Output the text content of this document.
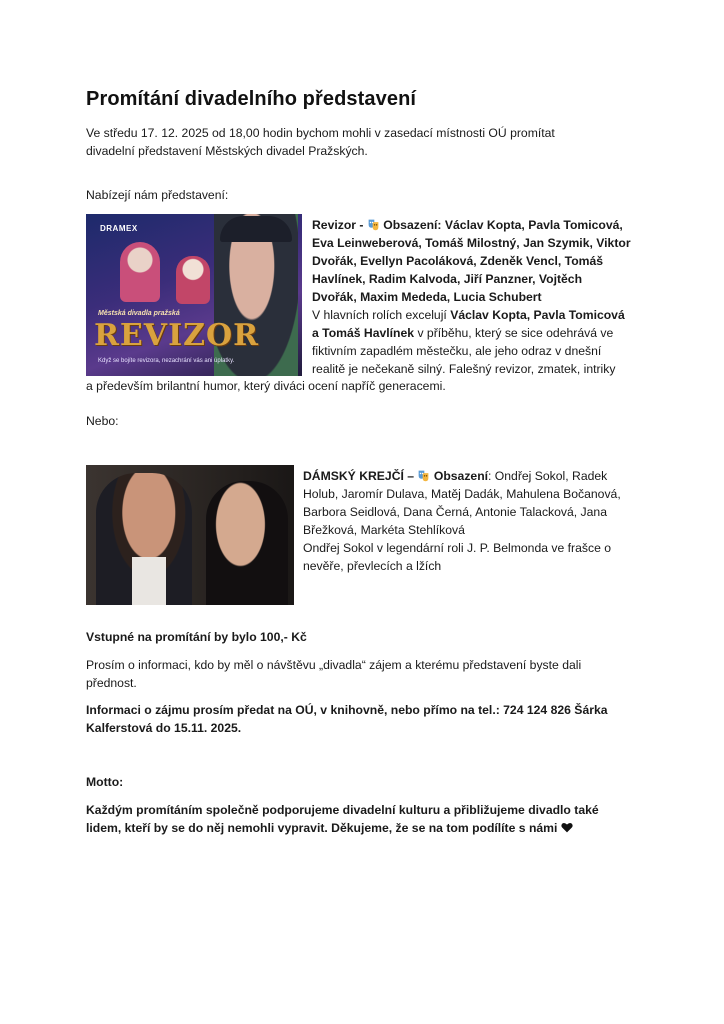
Promítání divadelního představení

Ve středu 17. 12. 2025 od 18,00 hodin bychom mohli v zasedací místnosti OÚ promítat
divadelní představení Městských divadel Pražských.

Nabízejí nám představení:

DRAMEX
Městská divadla pražská
REVIZOR
Když se bojíte revizora, nezachrání vás ani úplatky.

Revizor -  Obsazení: Václav Kopta, Pavla Tomicová,
Eva Leinweberová, Tomáš Milostný, Jan Szymik, Viktor
Dvořák, Evellyn Pacoláková, Zdeněk Vencl, Tomáš
Havlínek, Radim Kalvoda, Jiří Panzner, Vojtěch
Dvořák, Maxim Mededa, Lucia Schubert
V hlavních rolích excelují Václav Kopta, Pavla Tomicová
a Tomáš Havlínek v příběhu, který se sice odehrává ve
fiktivním zapadlém městečku, ale jeho odraz v dnešní
realitě je nečekaně silný. Falešný revizor, zmatek, intriky

a především brilantní humor, který diváci ocení napříč generacemi.

Nebo:

DÁMSKÝ KREJČÍ –  Obsazení: Ondřej Sokol, Radek
Holub, Jaromír Dulava, Matěj Dadák, Mahulena Bočanová,
Barbora Seidlová, Dana Černá, Antonie Talacková, Jana
Břežková, Markéta Stehlíková
Ondřej Sokol v legendární roli J. P. Belmonda ve frašce o
nevěře, převlecích a lžích

Vstupné na promítání by bylo 100,- Kč

Prosím o informaci, kdo by měl o návštěvu „divadla“ zájem a kterému představení byste dali
přednost.

Informaci o zájmu prosím předat na OÚ, v knihovně, nebo přímo na tel.: 724 124 826 Šárka
Kalferstová do 15.11. 2025.

Motto:

Každým promítáním společně podporujeme divadelní kulturu a přibližujeme divadlo také
lidem, kteří by se do něj nemohli vypravit. Děkujeme, že se na tom podílíte s námi
